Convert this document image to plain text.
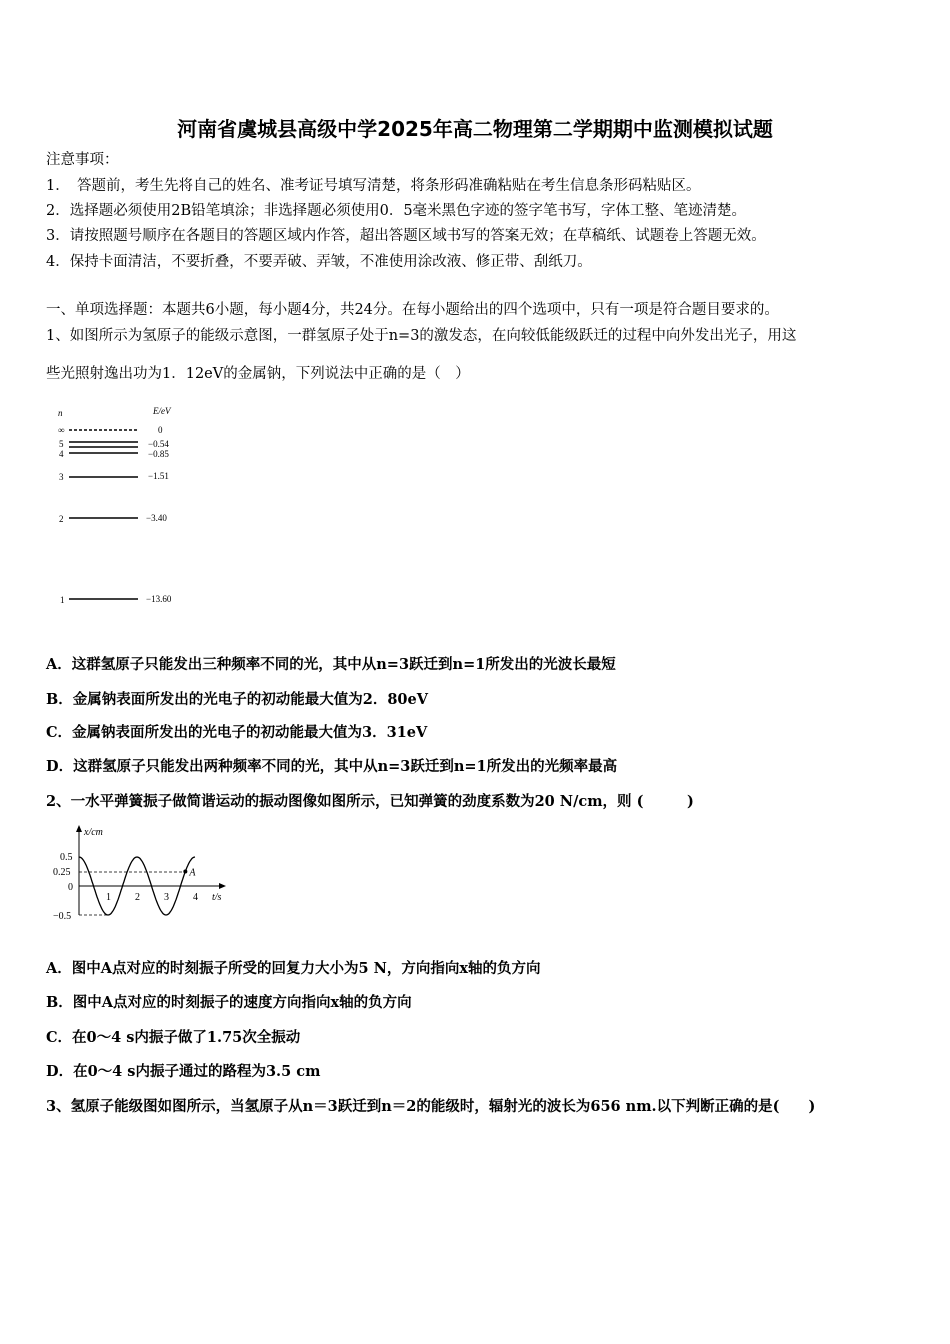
河南省虞城县高级中学2025年高二物理第二学期期中监测模拟试题
注意事项：
1．　答题前，考生先将自己的姓名、准考证号填写清楚，将条形码准确粘贴在考生信息条形码粘贴区。
2．选择题必须使用2B铅笔填涂；非选择题必须使用0．5毫米黑色字迹的签字笔书写，字体工整、笔迹清楚。
3．请按照题号顺序在各题目的答题区域内作答，超出答题区域书写的答案无效；在草稿纸、试题卷上答题无效。
4．保持卡面清洁，不要折叠，不要弄破、弄皱，不准使用涂改液、修正带、刮纸刀。
一、单项选择题：本题共6小题，每小题4分，共24分。在每小题给出的四个选项中，只有一项是符合题目要求的。
1、如图所示为氢原子的能级示意图，一群氢原子处于n=3的激发态，在向较低能级跃迁的过程中向外发出光子，用这
些光照射逸出功为1．12eV的金属钠，下列说法中正确的是（　）
n	E/eV
∞	0
5	−0.54
4	−0.85
3	−1.51
2	−3.40
1	−13.60
A．这群氢原子只能发出三种频率不同的光，其中从n=3跃迁到n=1所发出的光波长最短
B．金属钠表面所发出的光电子的初动能最大值为2．80eV
C．金属钠表面所发出的光电子的初动能最大值为3．31eV
D．这群氢原子只能发出两种频率不同的光，其中从n=3跃迁到n=1所发出的光频率最高
2、一水平弹簧振子做简谐运动的振动图像如图所示，已知弹簧的劲度系数为20 N/cm，则 (　　　)
x/cm
t/s
0.5
0.25
0
−0.5
1 2 3 4
A
A．图中A点对应的时刻振子所受的回复力大小为5 N，方向指向x轴的负方向
B．图中A点对应的时刻振子的速度方向指向x轴的负方向
C．在0～4 s内振子做了1.75次全振动
D．在0～4 s内振子通过的路程为3.5 cm
3、氢原子能级图如图所示，当氢原子从n＝3跃迁到n＝2的能级时，辐射光的波长为656 nm.以下判断正确的是(　　)
